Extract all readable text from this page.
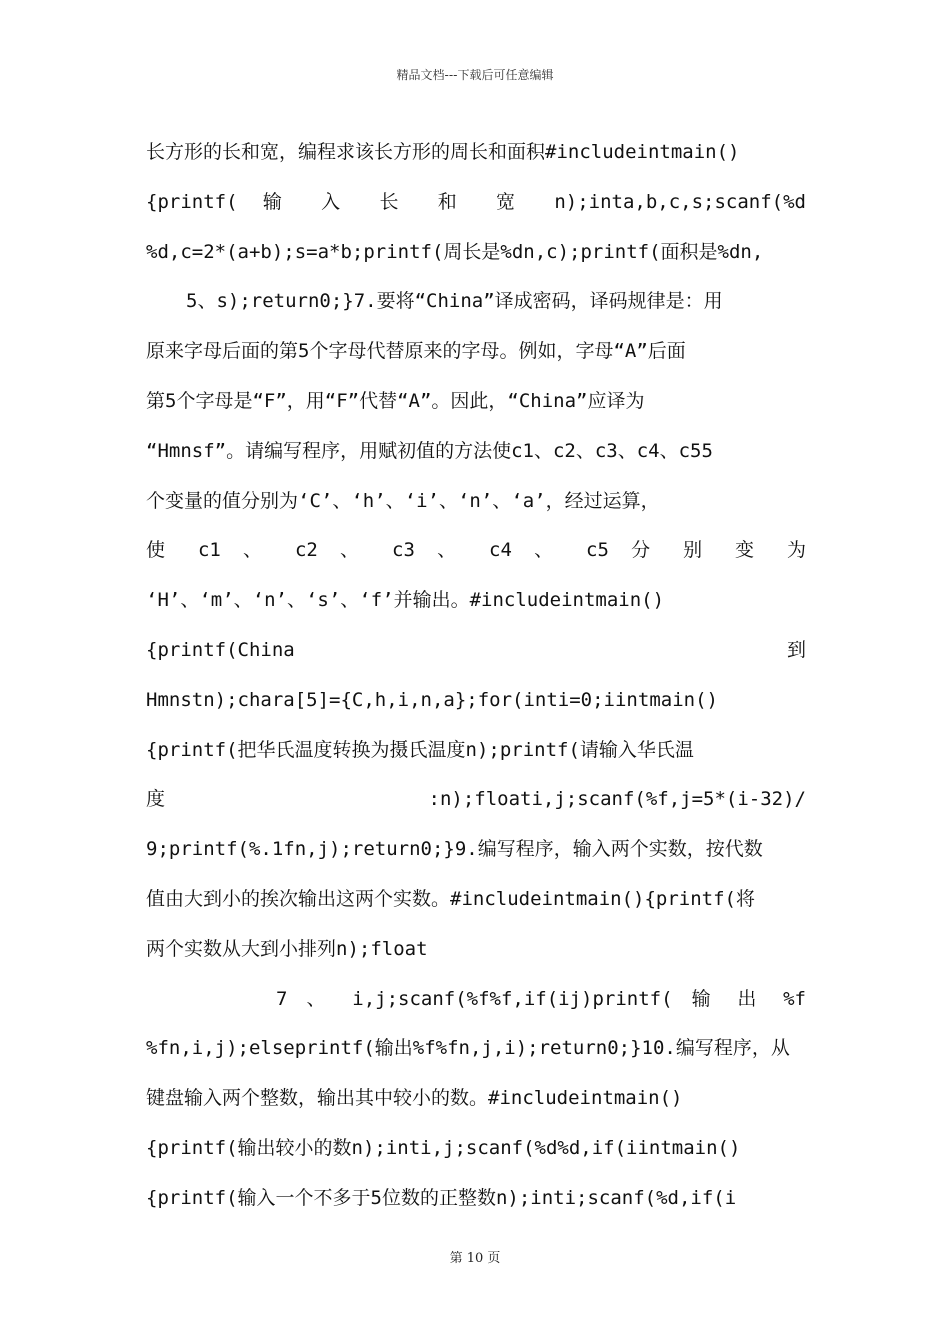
精品文档---下载后可任意编辑
长方形的长和宽，编程求该长方形的周长和面积#includeintmain()
{printf( 输 入 长 和 宽 n);inta,b,c,s;scanf(%d
%d,c=2*(a+b);s=a*b;printf(周长是%dn,c);printf(面积是%dn,
5、s);return0;}7.要将“China”译成密码，译码规律是：用
原来字母后面的第5个字母代替原来的字母。例如，字母“A”后面
第5个字母是“F”，用“F”代替“A”。因此，“China”应译为
“Hmnsf”。请编写程序，用赋初值的方法使c1、c2、c3、c4、c55
个变量的值分别为‘C’、‘h’、‘i’、‘n’、‘a’，经过运算，
使 c1 、 c2 、 c3 、 c4 、 c5 分 别 变 为
‘H’、‘m’、‘n’、‘s’、‘f’并输出。#includeintmain()
{printf(China 到
Hmnstn);chara[5]={C,h,i,n,a};for(inti=0;iintmain()
{printf(把华氏温度转换为摄氏温度n);printf(请输入华氏温
度 :n);floati,j;scanf(%f,j=5*(i-32)/
9;printf(%.1fn,j);return0;}9.编写程序，输入两个实数，按代数
值由大到小的挨次输出这两个实数。#includeintmain(){printf(将
两个实数从大到小排列n);float
7 、 i,j;scanf(%f%f,if(ij)printf( 输 出 %f
%fn,i,j);elseprintf(输出%f%fn,j,i);return0;}10.编写程序，从
键盘输入两个整数，输出其中较小的数。#includeintmain()
{printf(输出较小的数n);inti,j;scanf(%d%d,if(iintmain()
{printf(输入一个不多于5位数的正整数n);inti;scanf(%d,if(i
第 10 页
